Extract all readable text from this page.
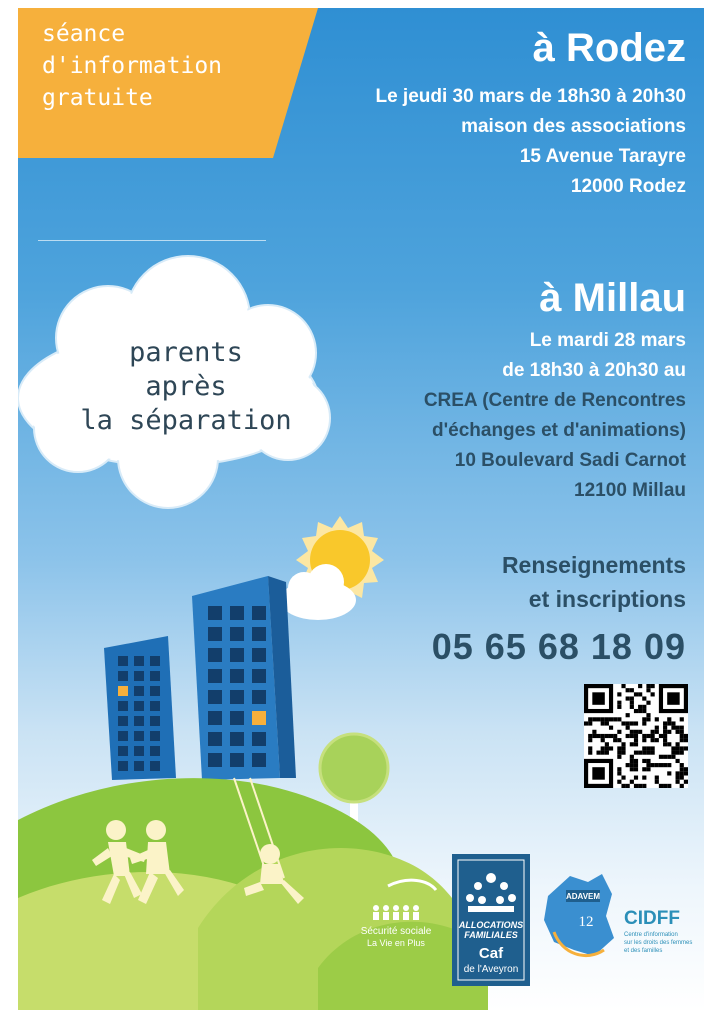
séance
d'information
gratuite
à Rodez
Le jeudi 30 mars de 18h30 à 20h30
maison des associations
15 Avenue Tarayre
12000 Rodez
à Millau
Le mardi 28 mars
de 18h30 à 20h30 au
CREA (Centre de Rencontres
d'échanges et d'animations)
10 Boulevard Sadi Carnot
12100 Millau
Renseignements
et inscriptions
05 65 68 18 09
parents
après
la séparation
Sécurité sociale
La Vie en Plus
ALLOCATIONS
FAMILIALES
Caf
de l'Aveyron
ADAVEM
12 CIDFF
Centre d'information
sur les droits des femmes
et des familles
